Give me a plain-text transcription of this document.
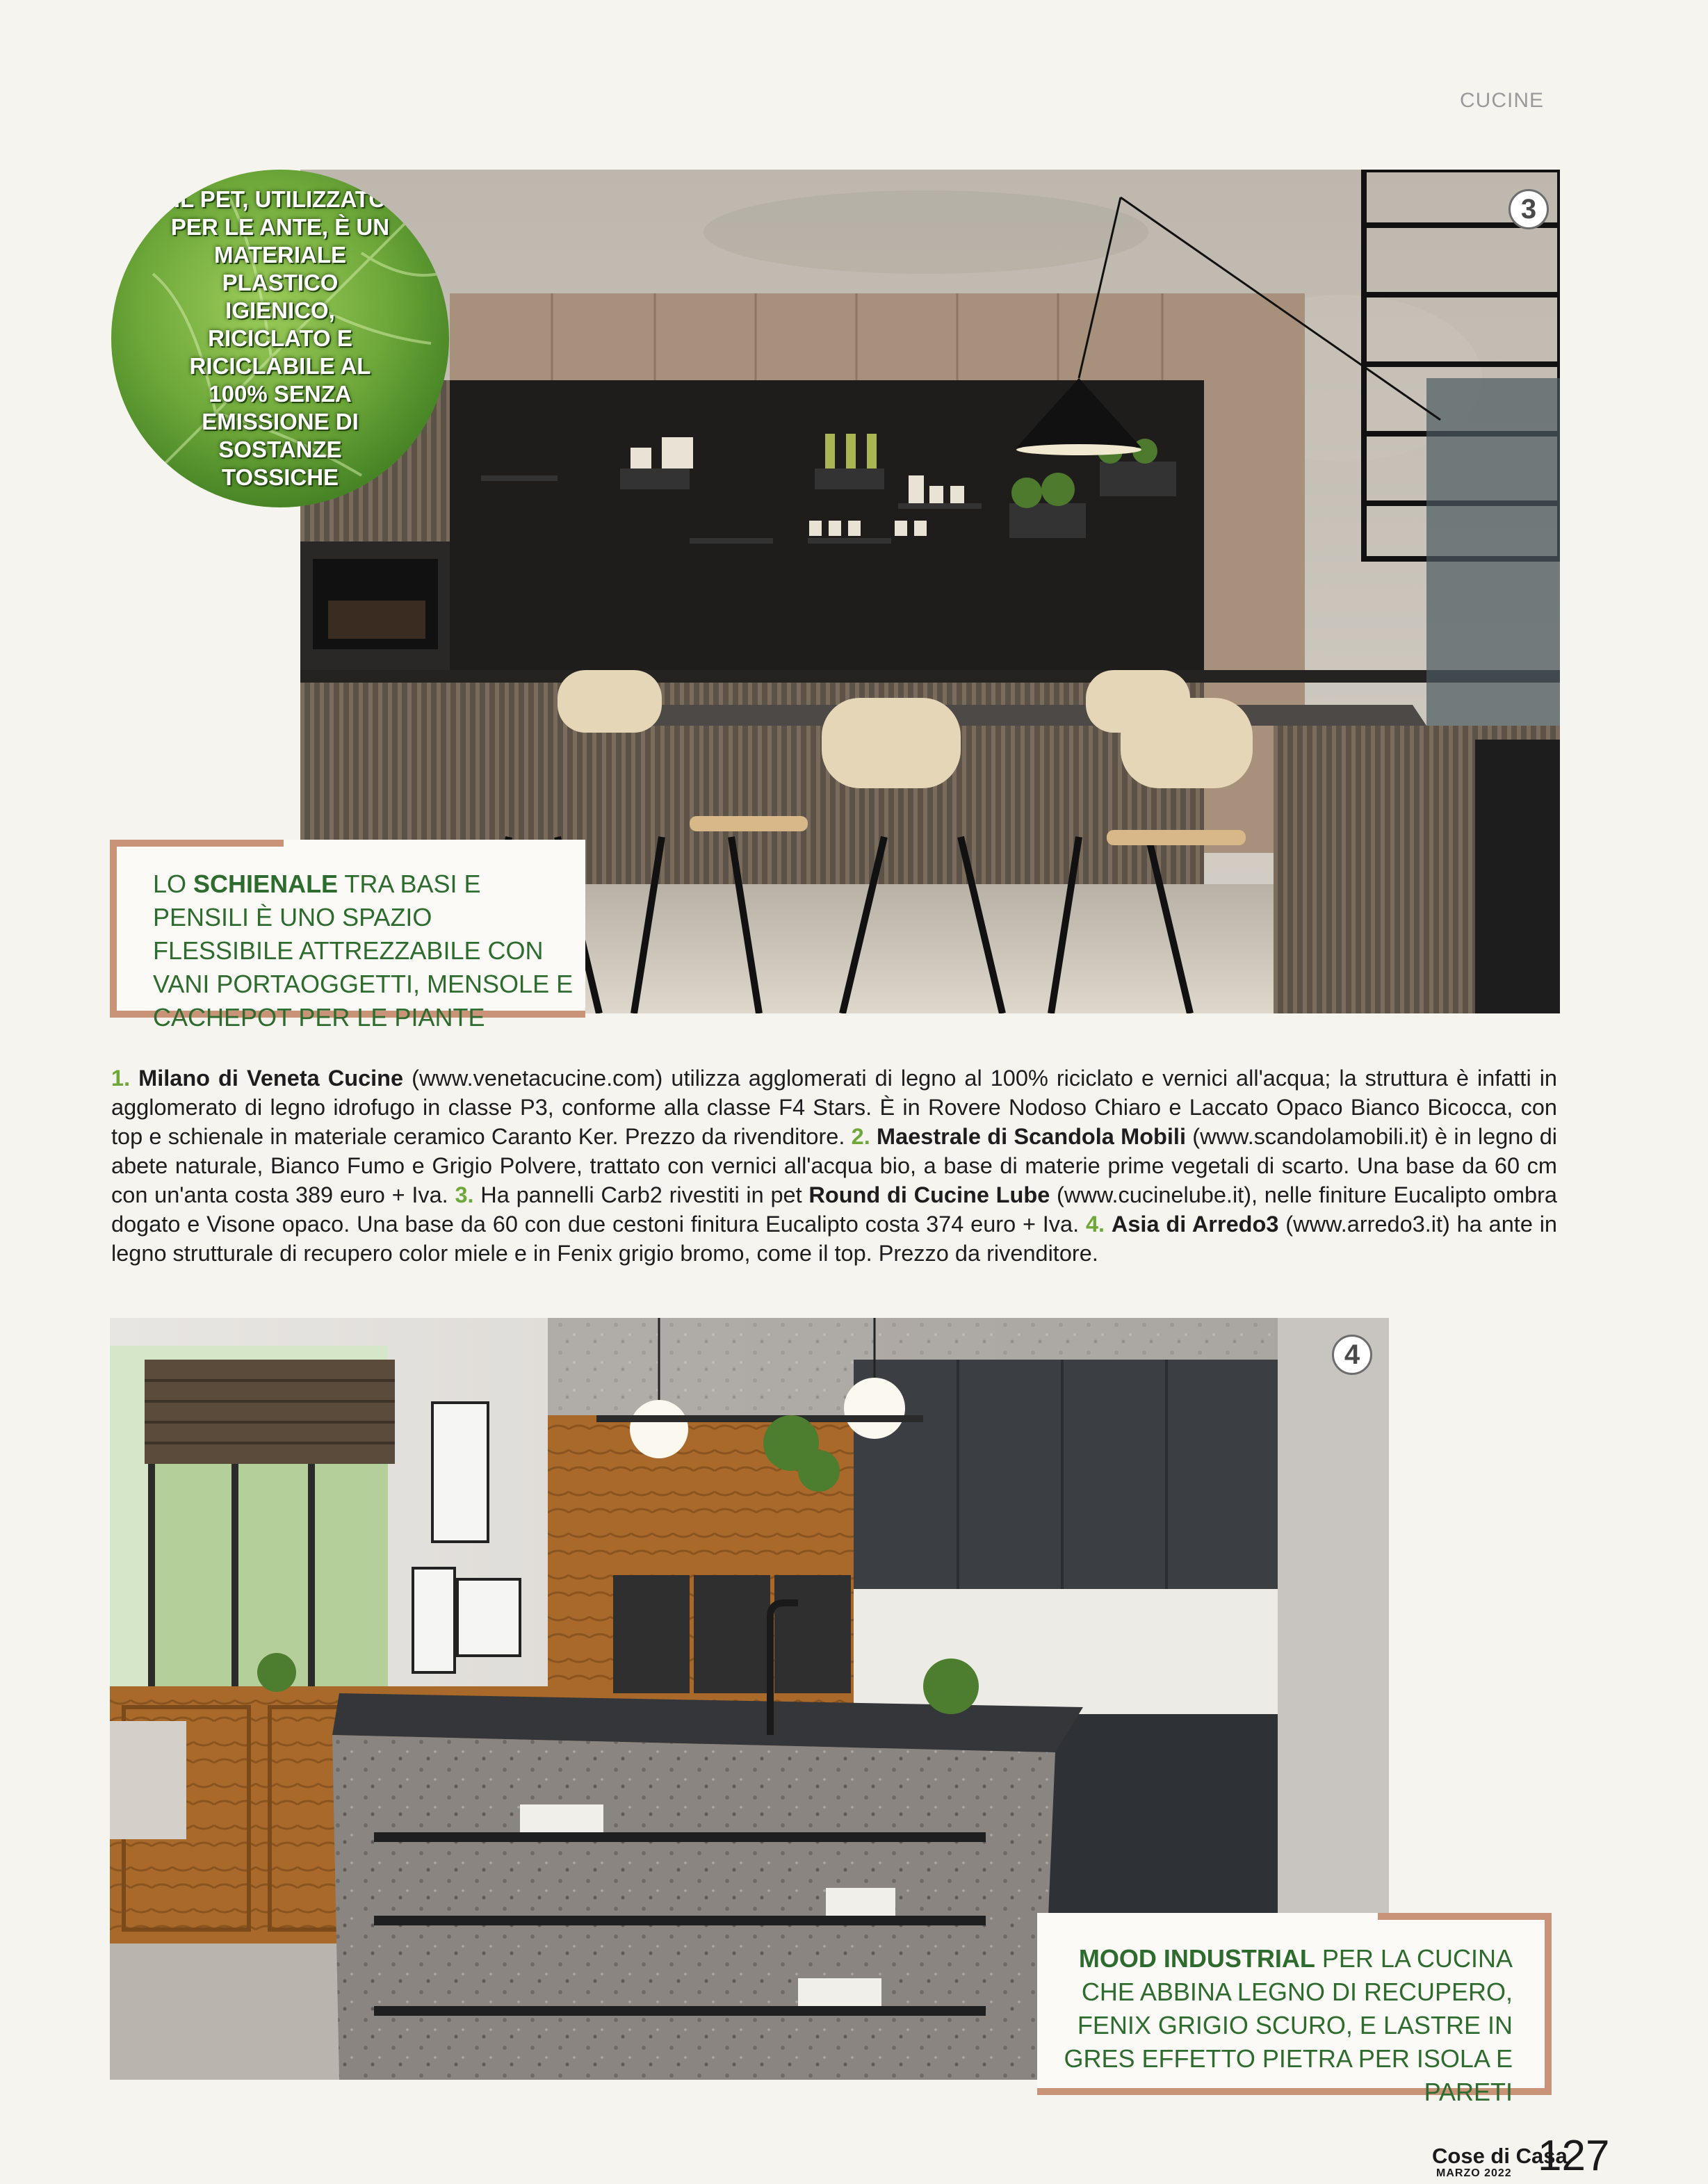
CUCINE
3
IL PET, UTILIZZATO PER LE ANTE, È UN MATERIALE PLASTICO IGIENICO, RICICLATO E RICICLABILE AL 100% SENZA EMISSIONE DI SOSTANZE TOSSICHE
LO SCHIENALE TRA BASI E PENSILI È UNO SPAZIO FLESSIBILE ATTREZZABILE CON VANI PORTAOGGETTI, MENSOLE E CACHEPOT PER LE PIANTE
1. Milano di Veneta Cucine (www.venetacucine.com) utilizza agglomerati di legno al 100% riciclato e vernici all'acqua; la struttura è infatti in agglomerato di legno idrofugo in classe P3, conforme alla classe F4 Stars. È in Rovere Nodoso Chiaro e Laccato Opaco Bianco Bicocca, con top e schienale in materiale ceramico Caranto Ker. Prezzo da rivenditore. 2. Maestrale di Scandola Mobili (www.scandolamobili.it) è in legno di abete naturale, Bianco Fumo e Grigio Polvere, trattato con vernici all'acqua bio, a base di materie prime vegetali di scarto. Una base da 60 cm con un'anta costa 389 euro + Iva. 3. Ha pannelli Carb2 rivestiti in pet Round di Cucine Lube (www.cucinelube.it), nelle finiture Eucalipto ombra dogato e Visone opaco. Una base da 60 con due cestoni finitura Eucalipto costa 374 euro + Iva. 4. Asia di Arredo3 (www.arredo3.it) ha ante in legno strutturale di recupero color miele e in Fenix grigio bromo, come il top. Prezzo da rivenditore.
4
MOOD INDUSTRIAL PER LA CUCINA CHE ABBINA LEGNO DI RECUPERO, FENIX GRIGIO SCURO, E LASTRE IN GRES EFFETTO PIETRA PER ISOLA E PARETI
Cose di Casa
MARZO 2022 127
